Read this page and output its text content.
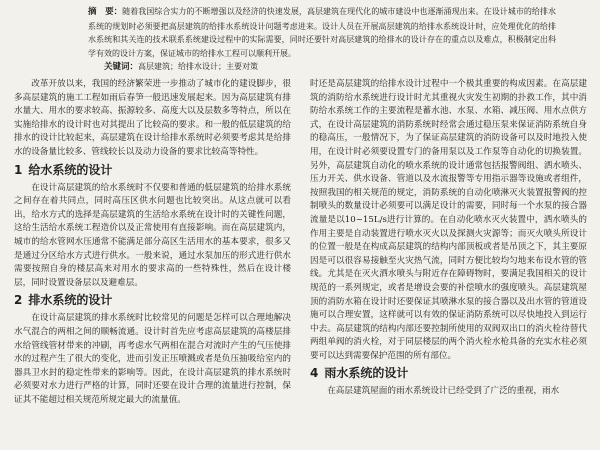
摘　要：随着我国综合实力的不断增强以及经济的快速发展，高层建筑在现代化的城市建设中也逐渐涌现出来。在设计城市的给排水系统的规划时必须要把高层建筑的给排水系统设计问题考虑进来。设计人员在开展高层建筑的给排水系统设计时，应处理优化的给排水系统和其关连的技术联系系统建设过程中的实际需要，同时还要针对高层建筑的给排水的设计存在的重点以及难点，积极制定出科学有效的设计方案，保证城市的给排水工程可以顺利开展。
关键词：高层建筑；给排水设计；主要对策

改革开放以来，我国的经济繁荣进一步推动了城市化的建设脚步，很多高层建筑的施工工程如雨后春笋一般迅速发展起来。因为高层建筑有排水量大、用水的要求较高、振源较多、高度大以及层数多等特点，所以在实施给排水的设计时也对其提出了比较高的要求。和一般的低层建筑的给排水的设计比较起来，高层建筑在设计给排水系统时必须要考虑其是给排水的设备量比较多、管线较长以及动力设备的要求比较高等特性。

1 给水系统的设计

在设计高层建筑的给水系统时不仅要和普通的低层建筑的给排水系统之间存在着共同点，同时高压区供水问题也比较突出。从这点就可以看出，给水方式的选择是高层建筑的生活给水系统在设计时的关键性问题，这给生活给水系统工程造价以及正常使用有直接影响。而在高层建筑内，城市的给水管网水压通常不能满足部分高区生活用水的基本要求，很多又是通过分区给水方式进行供水。一般来说，通过水泵加压的形式进行供水需要按照自身的楼层高来对用水的要求高的一些特殊性，然后在设计楼层，同时设置设备层以及避难层。

2 排水系统的设计

在设计高层建筑的排水系统时比较常见的问题是怎样可以合理地解决水气混合的两相之间的顺畅流通。设计时首先应考虑高层建筑的高楼层排水给管线管材带来的冲刷，再考虑水气两相在混合对流时产生的气压使排水的过程产生了很大的变化，进而引发正压喷溅或者是负压抽吸给室内的器具卫水封的稳定性带来的影响等。因此，在设计高层建筑的排水系统时必须要对水力进行严格的计算，同时还要在设计合理的流量进行控制，保证其不能超过相关规范所规定最大的流量值。

时还是高层建筑的给排水设计过程中一个极其重要的构成因素。在高层建筑的消防给水系统进行设计时尤其重视火灾发生初期的扑救工作，其中消防给水系统工作的主要流程是蓄水池、水泵、水箱、减压阀、用水点供方式，在设计高层建筑的消防系统时经常会通过稳压泵来保证消防系统自身的稳高压，一般情况下，为了保证高层建筑的消防设备可以及时地投入使用，在设计时必须要设置专门的备用泵以及工作泵等自动化的切换装置。另外，高层建筑自动化的喷水系统的设计通常包括报警阀组、洒水喷头、压力开关、供水设备、管道以及水流报警等专用指示器等设施或者组件，按照我国的相关规范的规定，消防系统的自动化喷淋灭火装置报警阀的控制喷头的数量设计必须要可以满足设计的需要，同时每一个水泵的接合器流量是以10~15L/s进行计算的。在自动化喷水灭火装置中，洒水喷头的作用主要是自动装置进行喷水灭火以及探测火灾源等；而灭火喷头所设计的位置一般是在构成高层建筑的结构内部顶板或者是吊顶之下，其主要原因是可以很容易接触至火灾热气流，同时方便比较均匀地来布设水管的管线。尤其是在灭火洒水喷头与附近存在障碍物时，要满足我国相关的设计规范的一系列规定，或者是增设会要的补偿喷水的强度喷头。高层建筑屋顶的消防水箱在设计时还要保证其喷淋水泵的接合器以及出水管的管道设施可以合理安置，这样就可以有效的保证消防系统可以尽快地投入到运行中去。高层建筑的结构内部还要控制所使用的双阀双出口的消火栓待替代两组单阀的消火栓，对于同层楼层的两个消火栓水枪具备的充实水柱必须要可以达到需要保护范围的所有部位。

4 雨水系统的设计

在高层建筑屋面的雨水系统设计已经受到了广泛的重视，雨水
